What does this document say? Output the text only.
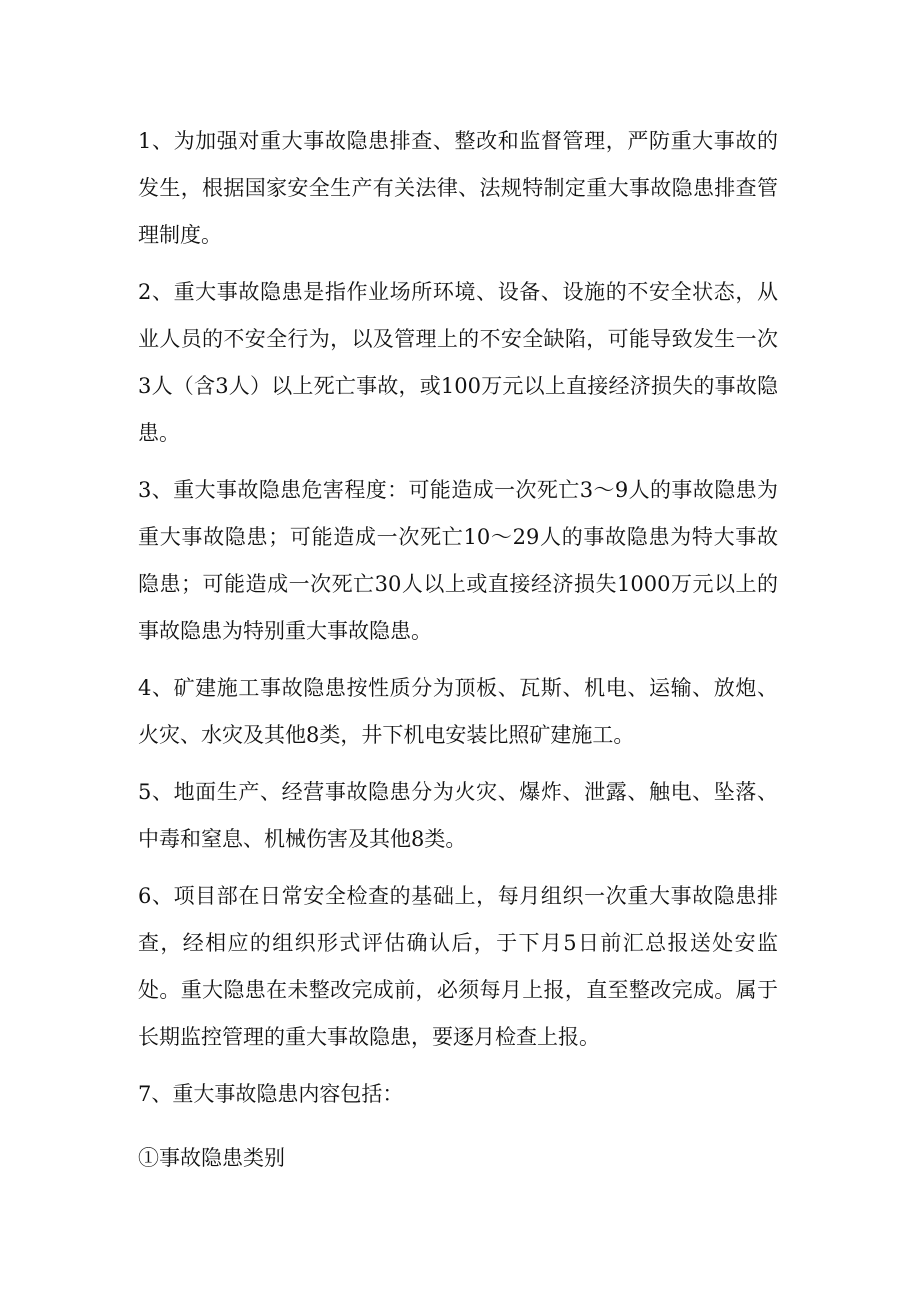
1、为加强对重大事故隐患排查、整改和监督管理，严防重大事故的发生，根据国家安全生产有关法律、法规特制定重大事故隐患排查管理制度。

2、重大事故隐患是指作业场所环境、设备、设施的不安全状态，从业人员的不安全行为，以及管理上的不安全缺陷，可能导致发生一次3人（含3人）以上死亡事故，或100万元以上直接经济损失的事故隐患。

3、重大事故隐患危害程度：可能造成一次死亡3～9人的事故隐患为重大事故隐患；可能造成一次死亡10～29人的事故隐患为特大事故隐患；可能造成一次死亡30人以上或直接经济损失1000万元以上的事故隐患为特别重大事故隐患。

4、矿建施工事故隐患按性质分为顶板、瓦斯、机电、运输、放炮、火灾、水灾及其他8类，井下机电安装比照矿建施工。

5、地面生产、经营事故隐患分为火灾、爆炸、泄露、触电、坠落、中毒和窒息、机械伤害及其他8类。

6、项目部在日常安全检查的基础上，每月组织一次重大事故隐患排查，经相应的组织形式评估确认后，于下月5日前汇总报送处安监处。重大隐患在未整改完成前，必须每月上报，直至整改完成。属于长期监控管理的重大事故隐患，要逐月检查上报。

7、重大事故隐患内容包括：

①事故隐患类别
